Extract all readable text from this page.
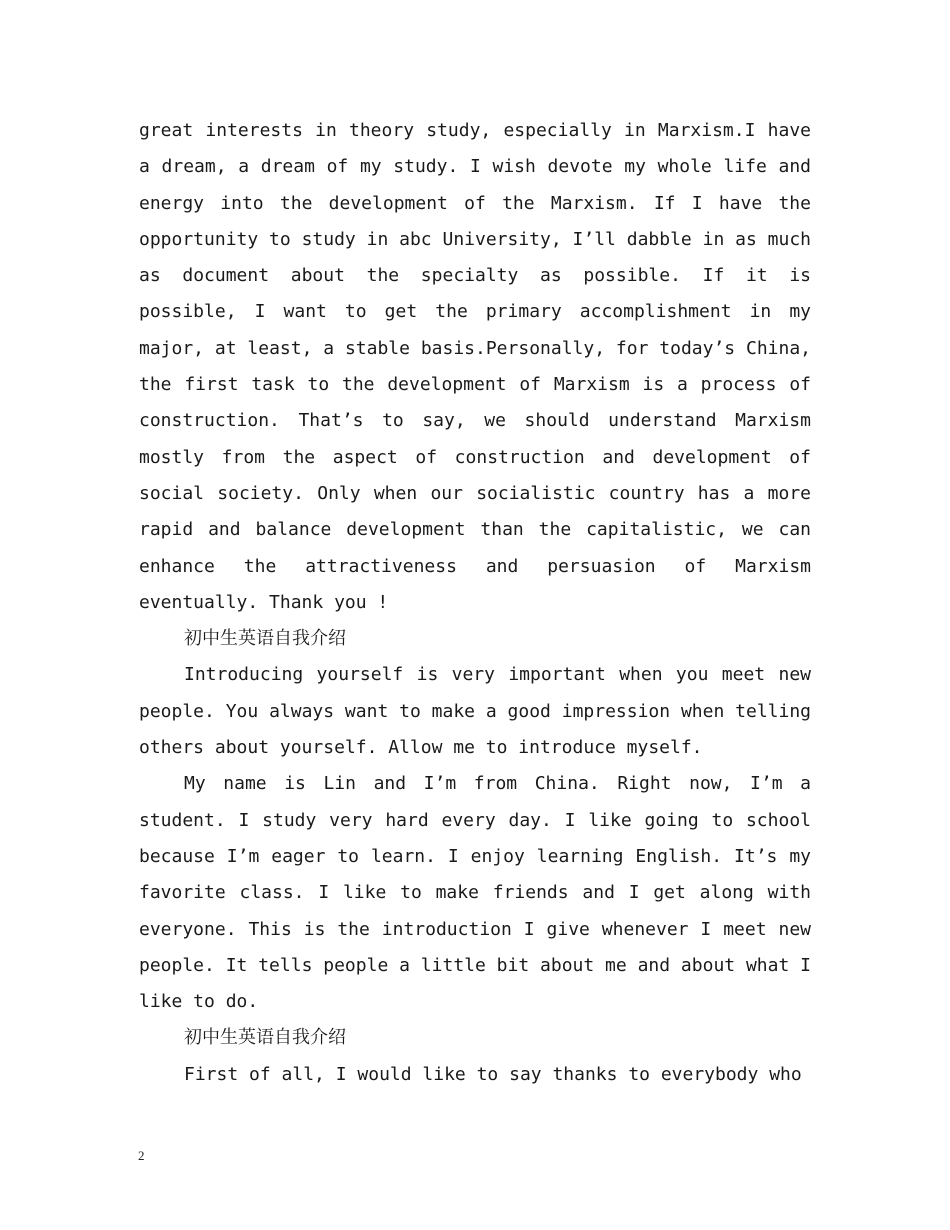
great interests in theory study, especially in Marxism.I have a dream, a dream of my study. I wish devote my whole life and energy into the development of the Marxism. If I have the opportunity to study in abc University, I’ll dabble in as much as document about the specialty as possible. If it is possible, I want to get the primary accomplishment in my major, at least, a stable basis.Personally, for today’s China, the first task to the development of Marxism is a process of construction. That’s to say, we should understand Marxism mostly from the aspect of construction and development of social society. Only when our socialistic country has a more rapid and balance development than the capitalistic, we can enhance the attractiveness and persuasion of Marxism eventually. Thank you !

初中生英语自我介绍

Introducing yourself is very important when you meet new people. You always want to make a good impression when telling others about yourself. Allow me to introduce myself.

My name is Lin and I’m from China. Right now, I’m a student. I study very hard every day. I like going to school because I’m eager to learn. I enjoy learning English. It’s my favorite class. I like to make friends and I get along with everyone. This is the introduction I give whenever I meet new people. It tells people a little bit about me and about what I like to do.

初中生英语自我介绍

First of all, I would like to say thanks to everybody who

2
